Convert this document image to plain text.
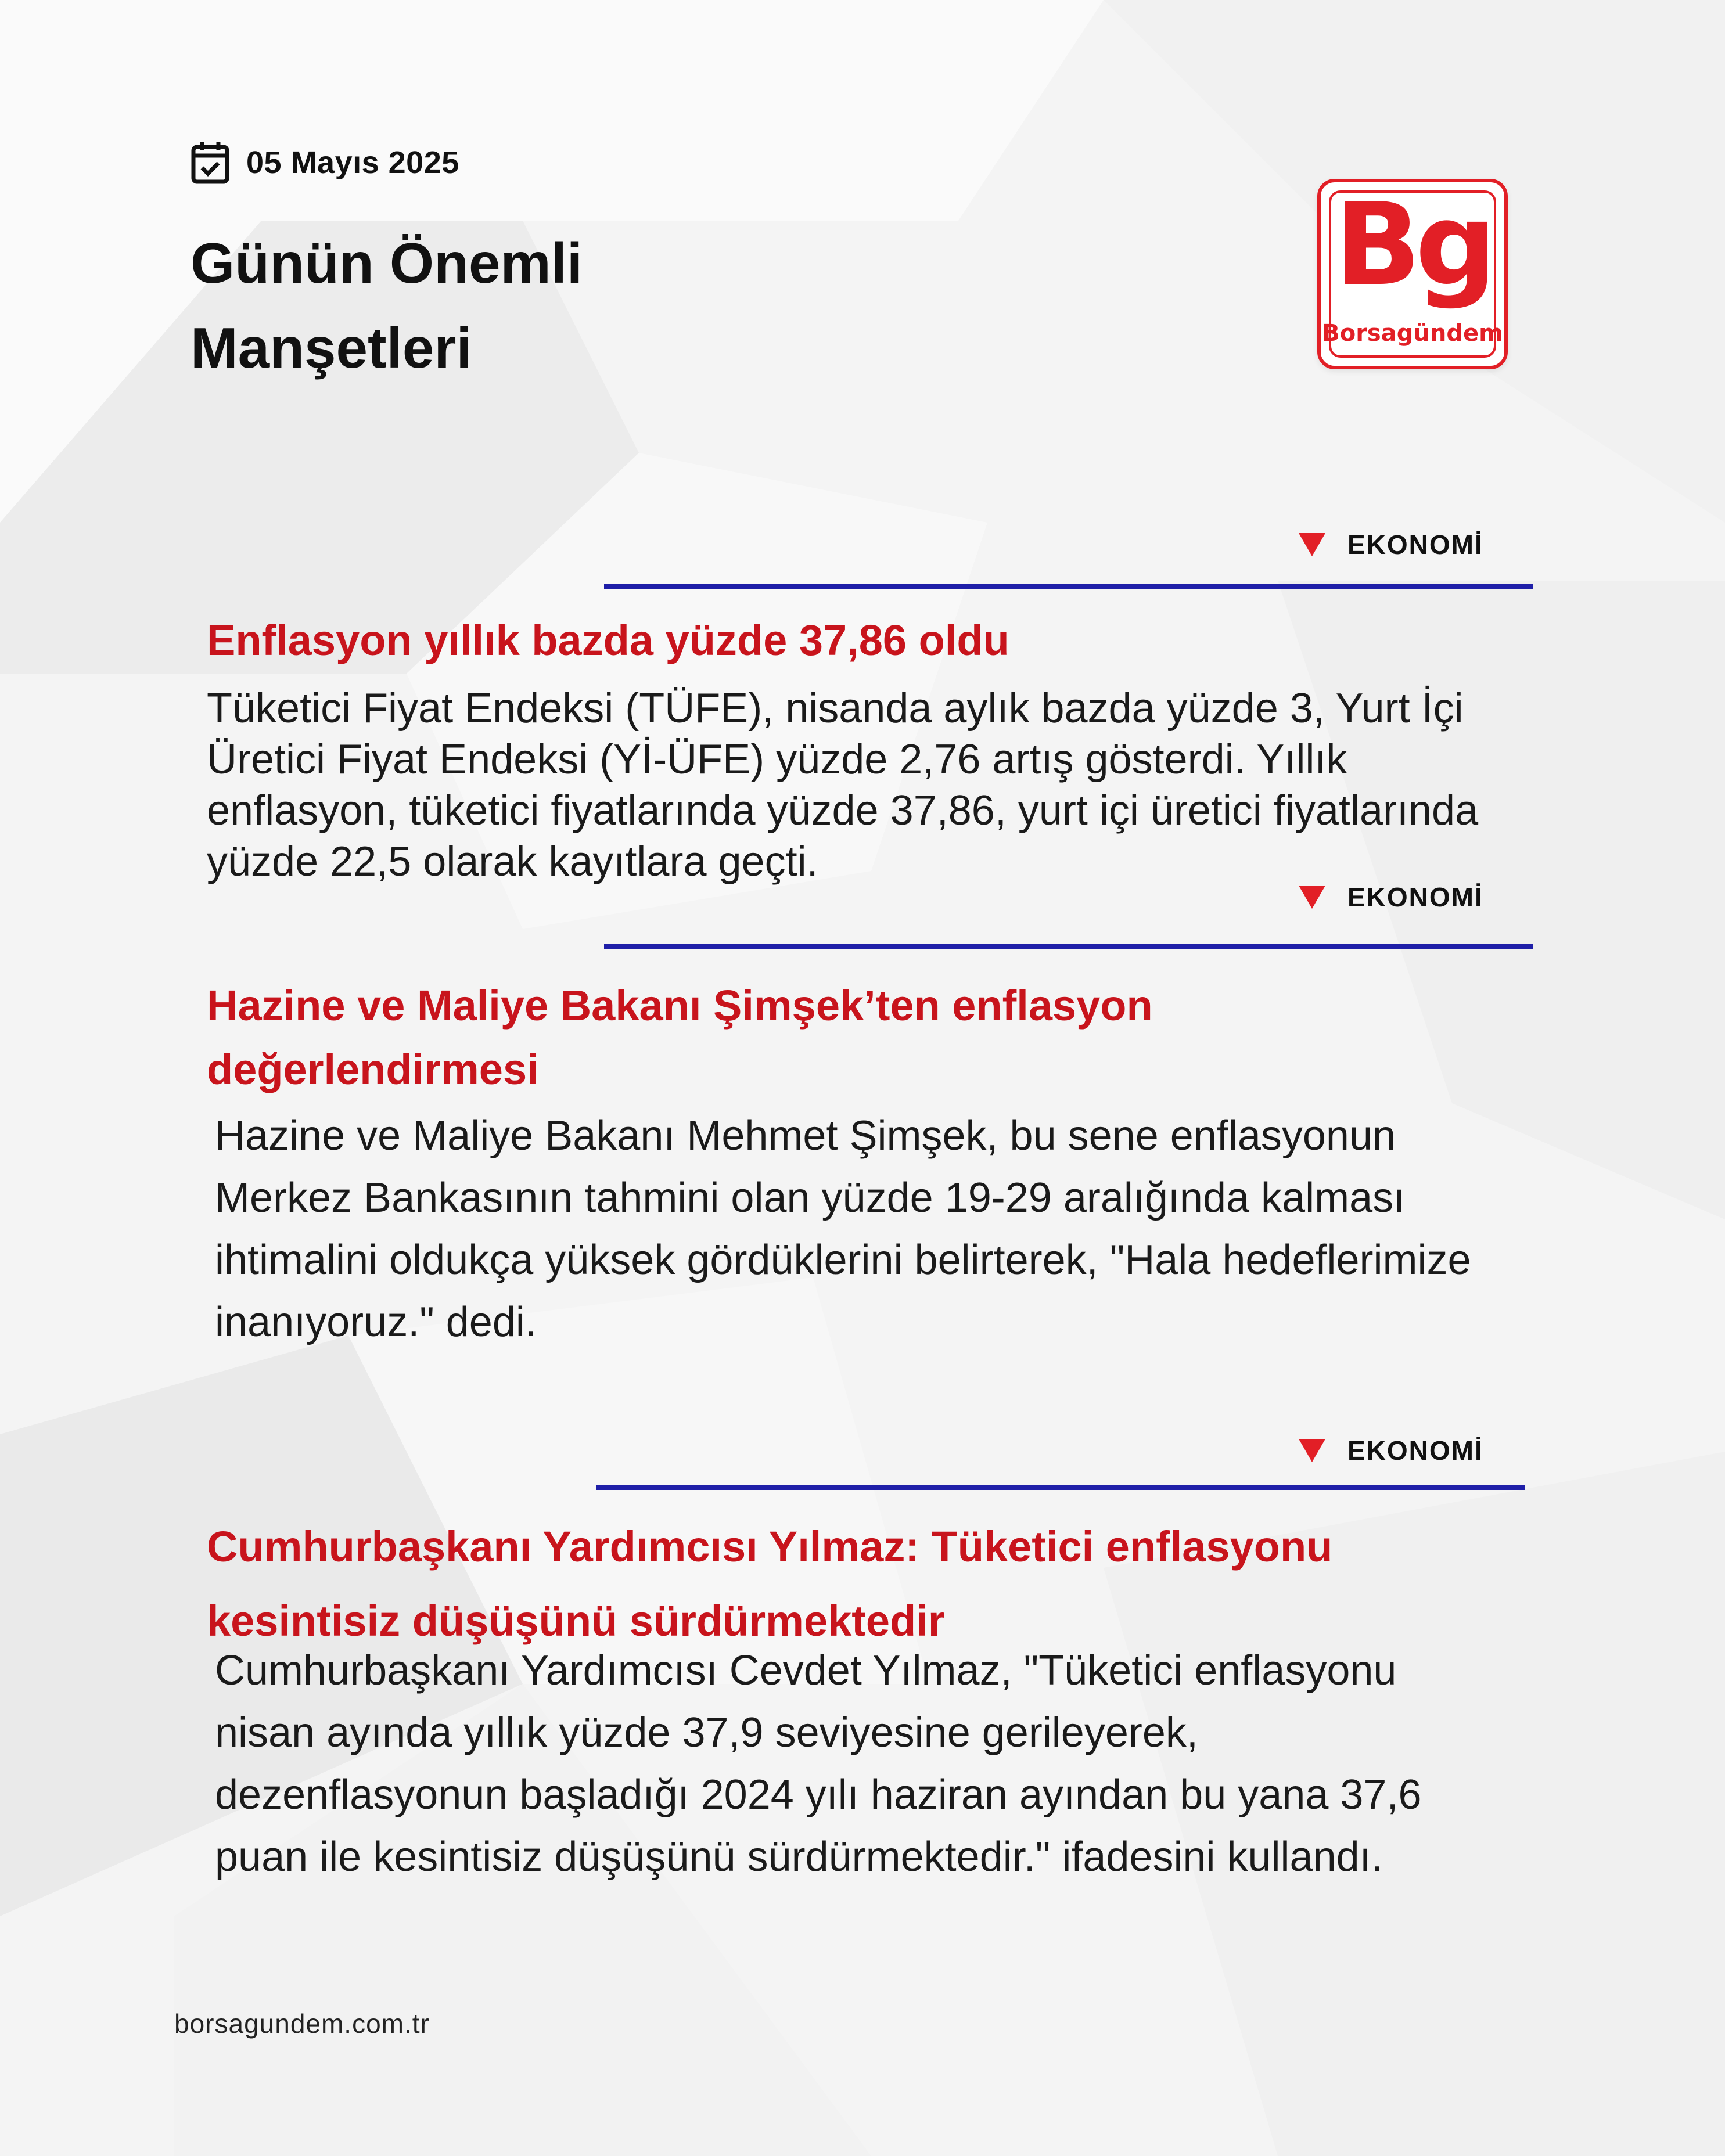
05 Mayıs 2025
Günün Önemli
Manşetleri
Bg
Borsagündem
EKONOMİ
Enflasyon yıllık bazda yüzde 37,86 oldu

Tüketici Fiyat Endeksi (TÜFE), nisanda aylık bazda yüzde 3, Yurt İçi Üretici Fiyat Endeksi (Yİ-ÜFE) yüzde 2,76 artış gösterdi. Yıllık enflasyon, tüketici fiyatlarında yüzde 37,86, yurt içi üretici fiyatlarında yüzde 22,5 olarak kayıtlara geçti.

EKONOMİ
Hazine ve Maliye Bakanı Şimşek’ten enflasyon değerlendirmesi

Hazine ve Maliye Bakanı Mehmet Şimşek, bu sene enflasyonun Merkez Bankasının tahmini olan yüzde 19-29 aralığında kalması ihtimalini oldukça yüksek gördüklerini belirterek, "Hala hedeflerimize inanıyoruz." dedi.

EKONOMİ
Cumhurbaşkanı Yardımcısı Yılmaz: Tüketici enflasyonu kesintisiz düşüşünü sürdürmektedir

Cumhurbaşkanı Yardımcısı Cevdet Yılmaz, "Tüketici enflasyonu nisan ayında yıllık yüzde 37,9 seviyesine gerileyerek, dezenflasyonun başladığı 2024 yılı haziran ayından bu yana 37,6 puan ile kesintisiz düşüşünü sürdürmektedir." ifadesini kullandı.

borsagundem.com.tr
